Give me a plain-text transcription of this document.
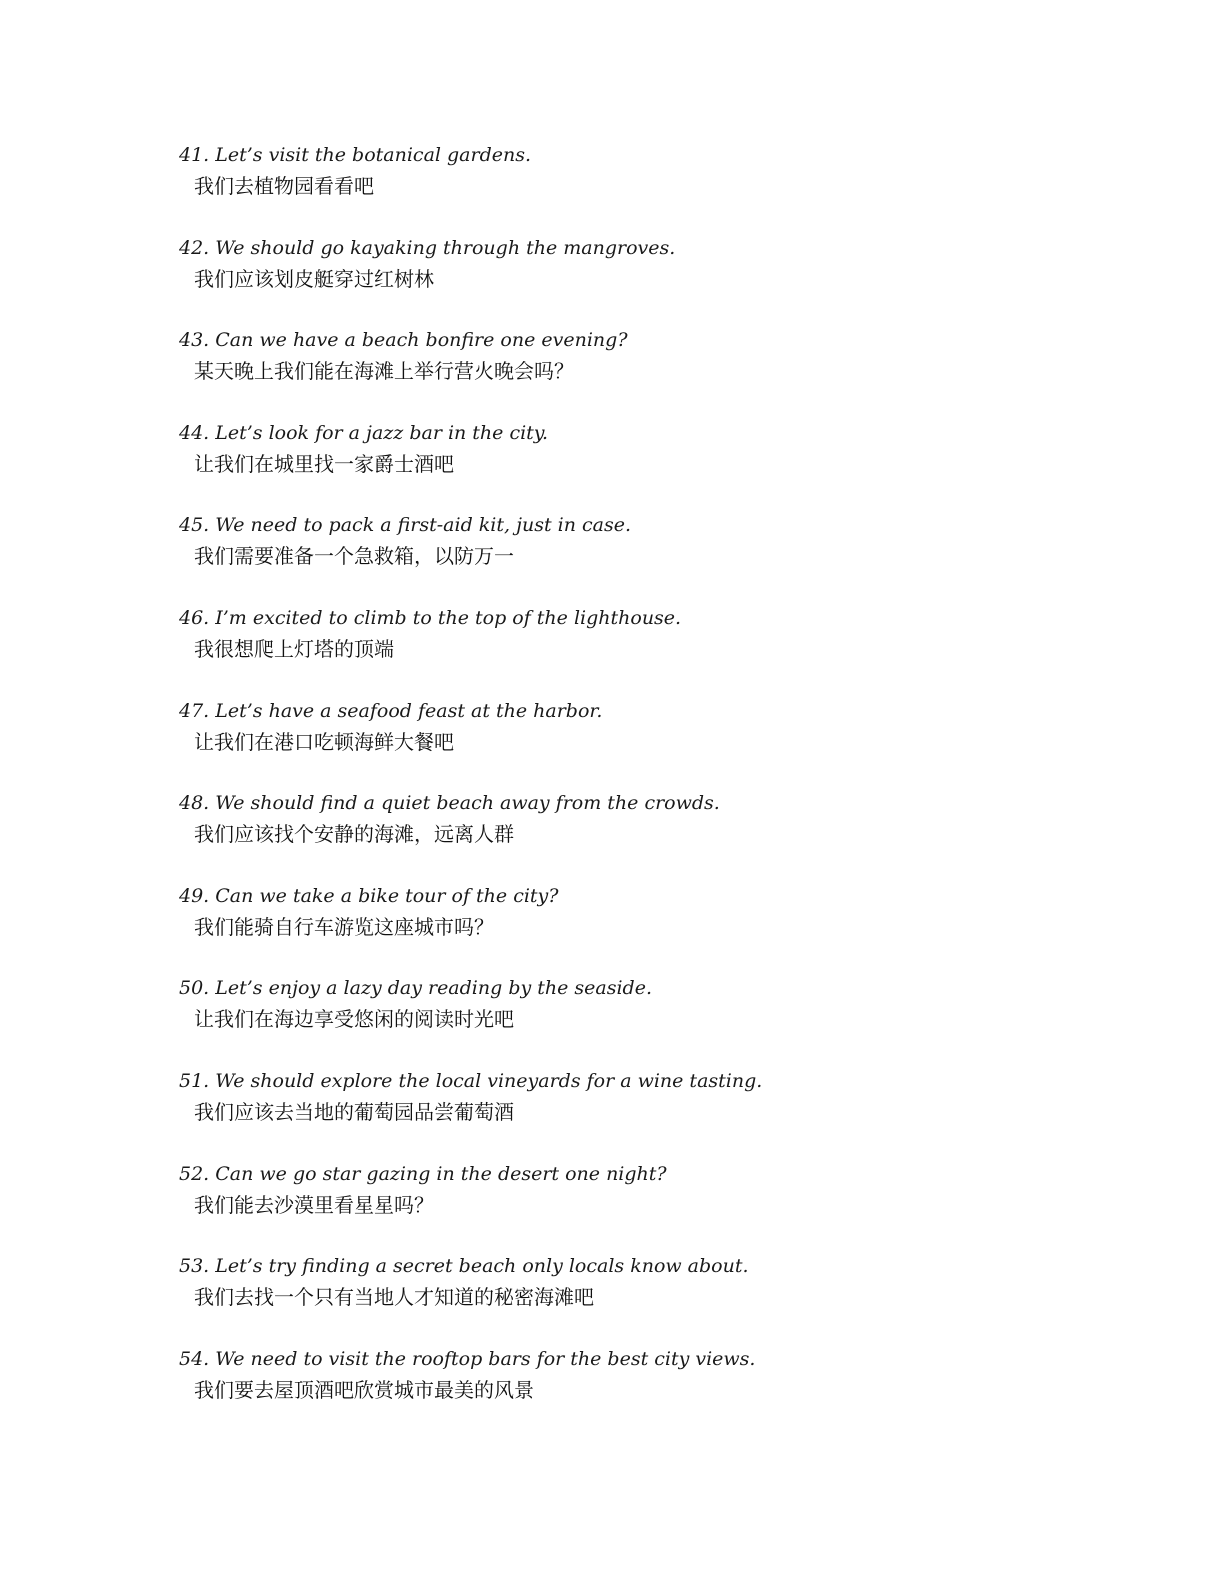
41. Let’s visit the botanical gardens.
我们去植物园看看吧
42. We should go kayaking through the mangroves.
我们应该划皮艇穿过红树林
43. Can we have a beach bonfire one evening?
某天晚上我们能在海滩上举行营火晚会吗？
44. Let’s look for a jazz bar in the city.
让我们在城里找一家爵士酒吧
45. We need to pack a first-aid kit, just in case.
我们需要准备一个急救箱，以防万一
46. I’m excited to climb to the top of the lighthouse.
我很想爬上灯塔的顶端
47. Let’s have a seafood feast at the harbor.
让我们在港口吃顿海鲜大餐吧
48. We should find a quiet beach away from the crowds.
我们应该找个安静的海滩，远离人群
49. Can we take a bike tour of the city?
我们能骑自行车游览这座城市吗？
50. Let’s enjoy a lazy day reading by the seaside.
让我们在海边享受悠闲的阅读时光吧
51. We should explore the local vineyards for a wine tasting.
我们应该去当地的葡萄园品尝葡萄酒
52. Can we go star gazing in the desert one night?
我们能去沙漠里看星星吗？
53. Let’s try finding a secret beach only locals know about.
我们去找一个只有当地人才知道的秘密海滩吧
54. We need to visit the rooftop bars for the best city views.
我们要去屋顶酒吧欣赏城市最美的风景
